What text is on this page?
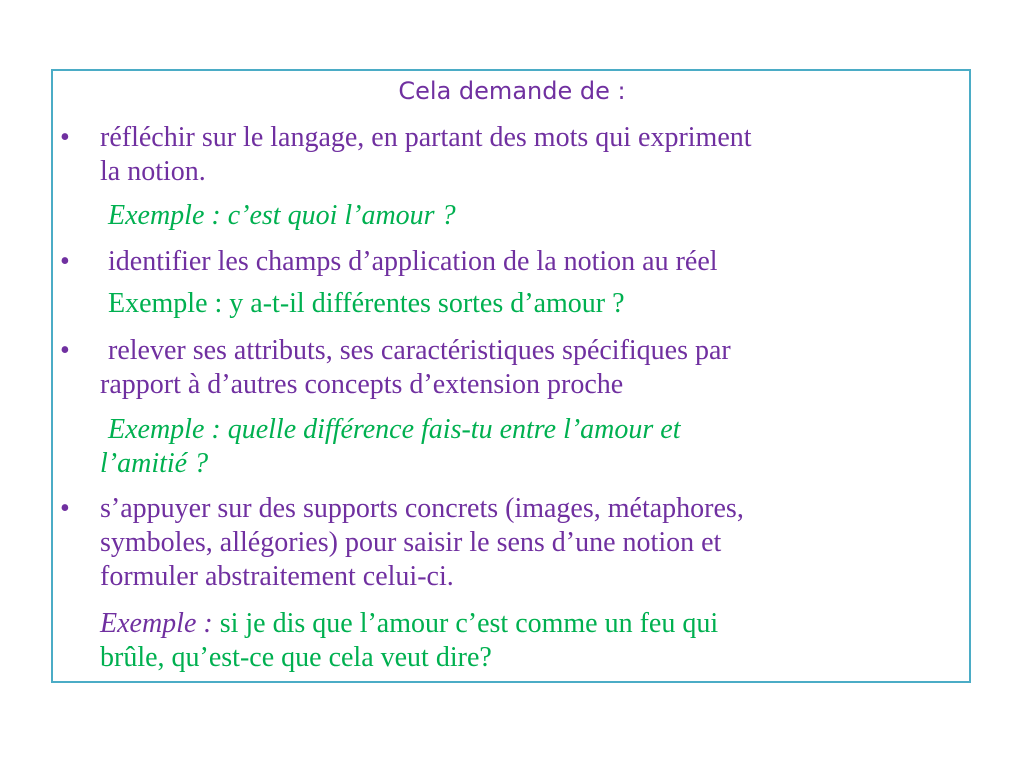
Cela demande de :
• réfléchir sur le langage, en partant des mots qui expriment
la notion.
Exemple : c’est quoi l’amour ?
• identifier les champs d’application de la notion au réel
Exemple : y a-t-il différentes sortes d’amour ?
• relever ses attributs, ses caractéristiques spécifiques par
rapport à d’autres concepts d’extension proche
Exemple : quelle différence fais-tu entre l’amour et
l’amitié ?
• s’appuyer sur des supports concrets (images, métaphores,
symboles, allégories) pour saisir le sens d’une notion et
formuler abstraitement celui-ci.
Exemple : si je dis que l’amour c’est comme un feu qui
brûle, qu’est-ce que cela veut dire?
